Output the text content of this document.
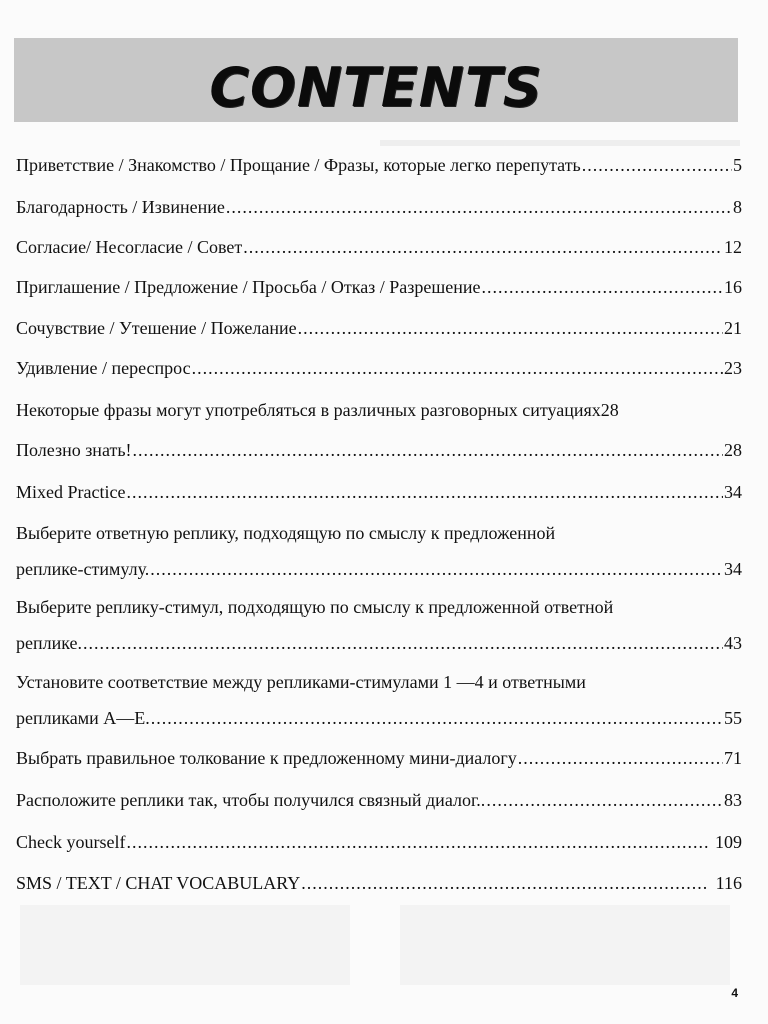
CONTENTS
Приветствие / Знакомство / Прощание / Фразы, которые легко перепутать .....	5
Благодарность / Извинение .....	8
Согласие/ Несогласие / Совет .....	12
Приглашение / Предложение / Просьба / Отказ / Разрешение .....	16
Сочувствие / Утешение / Пожелание .....	21
Удивление / переспрос .....	23
Некоторые фразы могут употребляться в различных разговорных ситуациях 28
Полезно знать! .....	28
Mixed Practice .....	34
Выберите ответную реплику, подходящую по смыслу к предложенной
реплике-стимулу. .....	34
Выберите реплику-стимул, подходящую по смыслу к предложенной ответной
реплике. .....	43
Установите соответствие между репликами-стимулами 1 —4 и ответными
репликами А—Е. .....	55
Выбрать правильное толкование к предложенному мини-диалогу .....	71
Расположите реплики так, чтобы получился связный диалог.. .....	83
Check yourself .....	109
SMS / TEXT / CHAT VOCABULARY .....	116
4
